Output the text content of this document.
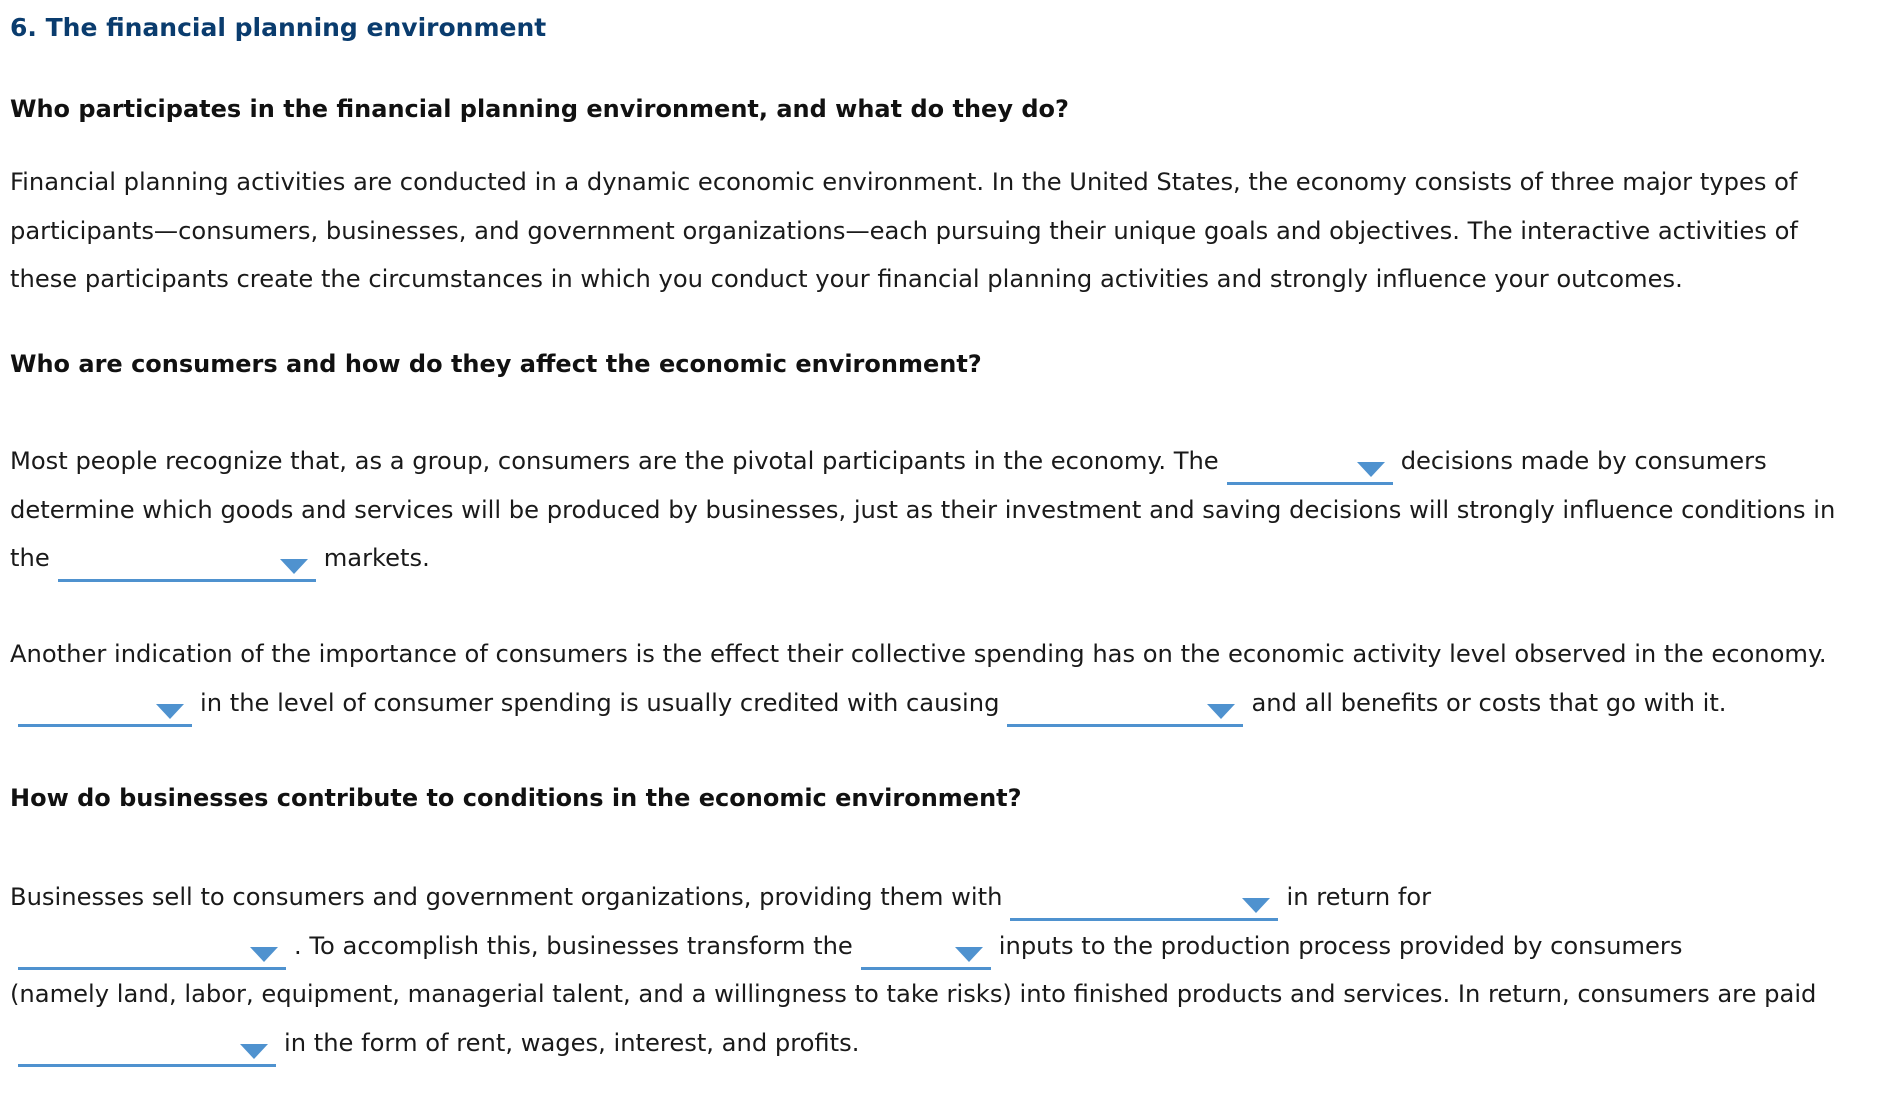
6. The financial planning environment
Who participates in the financial planning environment, and what do they do?
Financial planning activities are conducted in a dynamic economic environment. In the United States, the economy consists of three major types of
participants—consumers, businesses, and government organizations—each pursuing their unique goals and objectives. The interactive activities of
these participants create the circumstances in which you conduct your financial planning activities and strongly influence your outcomes.
Who are consumers and how do they affect the economic environment?
Most people recognize that, as a group, consumers are the pivotal participants in the economy. The	decisions made by consumers
determine which goods and services will be produced by businesses, just as their investment and saving decisions will strongly influence conditions in
the	markets.
Another indication of the importance of consumers is the effect their collective spending has on the economic activity level observed in the economy.
in the level of consumer spending is usually credited with causing	and all benefits or costs that go with it.
How do businesses contribute to conditions in the economic environment?
Businesses sell to consumers and government organizations, providing them with	in return for
. To accomplish this, businesses transform the	inputs to the production process provided by consumers
(namely land, labor, equipment, managerial talent, and a willingness to take risks) into finished products and services. In return, consumers are paid
in the form of rent, wages, interest, and profits.
